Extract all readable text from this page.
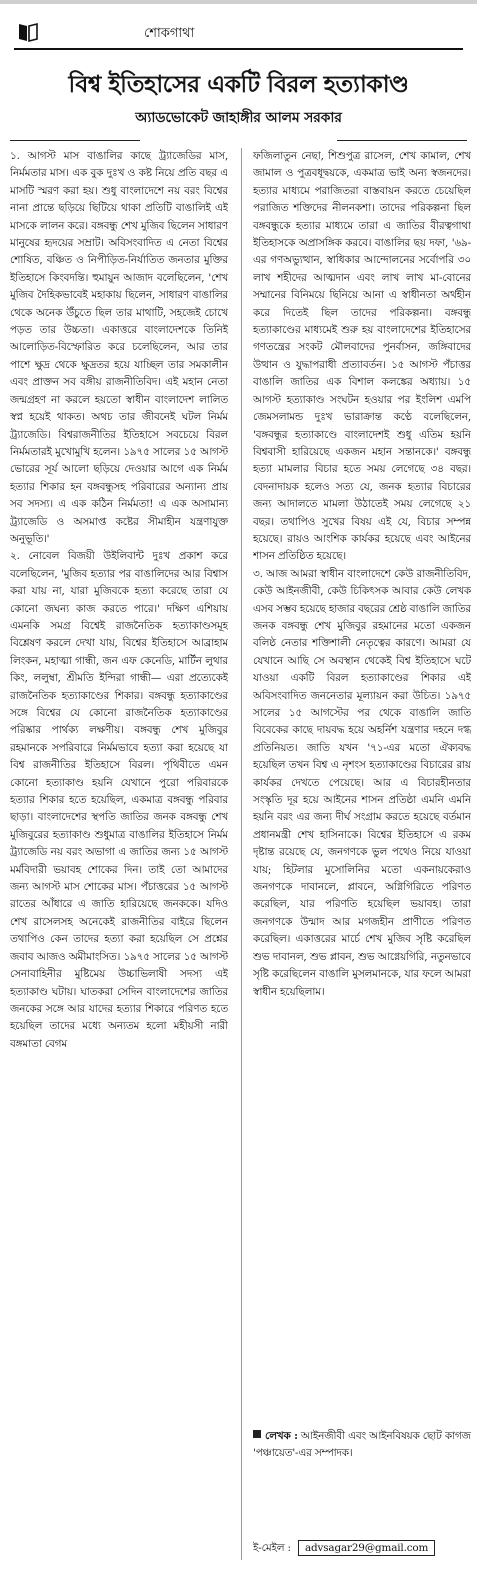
শোকগাথা
বিশ্ব ইতিহাসের একটি বিরল হত্যাকাণ্ড
অ্যাডভোকেট জাহাঙ্গীর আলম সরকার

১. আগস্ট মাস বাঙালির কাছে ট্র্যাজেডির মাস, নির্মমতার মাস। এক বুক দুঃখ ও কষ্ট নিয়ে প্রতি বছর এ মাসটি স্মরণ করা হয়। শুধু বাংলাদেশে নয় বরং বিশ্বের নানা প্রান্তে ছড়িয়ে ছিটিয়ে থাকা প্রতিটি বাঙালিই এই মাসকে লালন করে। বঙ্গবন্ধু শেখ মুজিব ছিলেন সাধারণ মানুষের হৃদয়ের সম্রাট। অবিসংবাদিত এ নেতা বিশ্বের শোষিত, বঞ্চিত ও নিপীড়িত-নির্যাতিত জনতার মুক্তির ইতিহাসে কিংবদন্তি। হুমায়ুন আজাদ বলেছিলেন, 'শেখ মুজিব দৈহিকভাবেই মহাকায় ছিলেন, সাধারণ বাঙালির থেকে অনেক উঁচুতে ছিল তার মাথাটি, সহজেই চোখে পড়ত তার উচ্চতা। একাত্তরে বাংলাদেশকে তিনিই আলোড়িত-বিস্ফোরিত করে চলেছিলেন, আর তার পাশে ক্ষুদ্র থেকে ক্ষুদ্রতর হয়ে যাচ্ছিল তার সমকালীন এবং প্রাক্তন সব বঙ্গীয় রাজনীতিবিদ। এই মহান নেতা জন্মগ্রহণ না করলে হয়তো স্বাধীন বাংলাদেশ লালিত স্বপ্ন হয়েই থাকত। অথচ তার জীবনেই ঘটল নির্মম ট্র্যাজেডি। বিশ্বরাজনীতির ইতিহাসে সবচেয়ে বিরল নির্মমতারই মুখোমুখি হলেন। ১৯৭৫ সালের ১৫ আগস্ট ভোরের সূর্য আলো ছড়িয়ে দেওয়ার আগে এক নির্মম হত্যার শিকার হন বঙ্গবন্ধুসহ পরিবারের অন্যান্য প্রায় সব সদস্য। এ এক কঠিন নির্মমতা! এ এক অসামান্য ট্র্যাজেডি ও অসমাপ্ত কষ্টের সীমাহীন যন্ত্রণাযুক্ত অনুভূতি।'

২. নোবেল বিজয়ী উইলিবান্ট দুঃখ প্রকাশ করে বলেছিলেন, 'মুজিব হত্যার পর বাঙালিদের আর বিশ্বাস করা যায় না, যারা মুজিবকে হত্যা করেছে তারা যে কোনো জঘন্য কাজ করতে পারে।' দক্ষিণ এশিয়ায় এমনকি সমগ্র বিশ্বেই রাজনৈতিক হত্যাকাণ্ডসমূহ বিশ্লেষণ করলে দেখা যায়, বিশ্বের ইতিহাসে আব্রাহাম লিংকন, মহাত্মা গান্ধী, জন এফ কেনেডি, মার্টিন লুথার কিং, ললুম্বা, শ্রীমতি ইন্দিরা গান্ধী— এরা প্রত্যেকেই রাজনৈতিক হত্যাকাণ্ডের শিকার। বঙ্গবন্ধু হত্যাকাণ্ডের সঙ্গে বিশ্বের যে কোনো রাজনৈতিক হত্যাকাণ্ডের পরিষ্কার পার্থক্য লক্ষণীয়। বঙ্গবন্ধু শেখ মুজিবুর রহমানকে সপরিবারে নির্মমভাবে হত্যা করা হয়েছে যা বিশ্ব রাজনীতির ইতিহাসে বিরল। পৃথিবীতে এমন কোনো হত্যাকাণ্ড হয়নি যেখানে পুরো পরিবারকে হত্যার শিকার হতে হয়েছিল, একমাত্র বঙ্গবন্ধু পরিবার ছাড়া। বাংলাদেশের স্থপতি জাতির জনক বঙ্গবন্ধু শেখ মুজিবুরের হত্যাকাণ্ড শুধুমাত্র বাঙালির ইতিহাসে নির্মম ট্র্যাজেডি নয় বরং অভাগা এ জাতির জন্য ১৫ আগস্ট মর্মবিদারী ভয়াবহ শোকের দিন। তাই তো আমাদের জন্য আগস্ট মাস শোকের মাস। পঁচাত্তরের ১৫ আগস্ট রাতের আঁধারে এ জাতি হারিয়েছে জনককে। যদিও শেখ রাসেলসহ অনেকেই রাজনীতির বাইরে ছিলেন তথাপিও কেন তাদের হত্যা করা হয়েছিল সে প্রশ্নের জবাব আজও অমীমাংসিত। ১৯৭৫ সালের ১৫ আগস্ট সেনাবাহিনীর মুষ্টিমেয় উচ্চাভিলাষী সদস্য এই হত্যাকাণ্ড ঘটায়। ঘাতকরা সেদিন বাংলাদেশের জাতির জনকের সঙ্গে আর যাদের হত্যার শিকারে পরিণত হতে হয়েছিল তাদের মধ্যে অন্যতম হলো মহীয়সী নারী বঙ্গমাতা বেগম

ফজিলাতুন নেছা, শিশুপুত্র রাসেল, শেখ কামাল, শেখ জামাল ও পুত্রবধূদ্বয়কে, একমাত্র ভাই অন্য স্বজনদের। হত্যার মাধ্যমে পরাজিতরা বাস্তবায়ন করতে চেয়েছিল পরাজিত শক্তিদের নীলনকশা। তাদের পরিকল্পনা ছিল বঙ্গবন্ধুকে হত্যার মাধ্যমে তারা এ জাতির বীরত্বগাথা ইতিহাসকে অপ্রাসঙ্গিক করবে। বাঙালির ছয় দফা, '৬৯-এর গণঅভ্যুত্থান, স্বাধিকার আন্দোলনের সর্বোপরি ৩০ লাখ শহীদের আত্মদান এবং লাখ লাখ মা-বোনের সম্মানের বিনিময়ে ছিনিয়ে আনা এ স্বাধীনতা অর্থহীন করে দিতেই ছিল তাদের পরিকল্পনা। বঙ্গবন্ধু হত্যাকাণ্ডের মাধ্যমেই শুরু হয় বাংলাদেশের ইতিহাসের গণতন্ত্রের সংকট মৌলবাদের পুনর্বাসন, জঙ্গিবাদের উত্থান ও যুদ্ধাপরাধী প্রত্যাবর্তন। ১৫ আগস্ট পঁচাত্তর বাঙালি জাতির এক বিশাল কলঙ্কের অধ্যায়। ১৫ আগস্ট হত্যাকাণ্ড সংঘটন হওয়ার পর ইংলিশ এমপি জেমসলামন্ড দুঃখ ভারাক্রান্ত কণ্ঠে বলেছিলেন, 'বঙ্গবন্ধুর হত্যাকাণ্ডে বাংলাদেশই শুধু এতিম হয়নি বিশ্ববাসী হারিয়েছে একজন মহান সন্তানকে।' বঙ্গবন্ধু হত্যা মামলার বিচার হতে সময় লেগেছে ৩৪ বছর। বেদনাদায়ক হলেও সত্য যে, জনক হত্যার বিচারের জন্য আদালতে মামলা উঠাতেই সময় লেগেছে ২১ বছর। তথাপিও সুখের বিষয় এই যে, বিচার সম্পন্ন হয়েছে। রায়ও আংশিক কার্যকর হয়েছে এবং আইনের শাসন প্রতিষ্ঠিত হয়েছে।

৩. আজ আমরা স্বাধীন বাংলাদেশে কেউ রাজনীতিবিদ, কেউ আইনজীবী, কেউ চিকিৎসক আবার কেউ লেখক এসব সম্ভব হয়েছে হাজার বছরের শ্রেষ্ঠ বাঙালি জাতির জনক বঙ্গবন্ধু শেখ মুজিবুর রহমানের মতো একজন বলিষ্ঠ নেতার শক্তিশালী নেতৃত্বের কারণে। আমরা যে যেখানে আছি সে অবস্থান থেকেই বিশ্ব ইতিহাসে ঘটে যাওয়া একটি বিরল হত্যাকাণ্ডের শিকার এই অবিসংবাদিত জননেতার মূল্যায়ন করা উচিত। ১৯৭৫ সালের ১৫ আগস্টের পর থেকে বাঙালি জাতি বিবেকের কাছে দায়বদ্ধ হয়ে অহর্নিশ যন্ত্রণার দহনে দগ্ধ প্রতিনিয়ত। জাতি যখন '৭১-এর মতো ঐক্যবদ্ধ হয়েছিল তখন বিশ্ব এ নৃশংস হত্যাকাণ্ডের বিচারের রায় কার্যকর দেখতে পেয়েছে। আর এ বিচারহীনতার সংস্কৃতি দূর হয়ে আইনের শাসন প্রতিষ্ঠা এমনি এমনি হয়নি বরং এর জন্য দীর্ঘ সংগ্রাম করতে হয়েছে বর্তমান প্রধানমন্ত্রী শেখ হাসিনাকে। বিশ্বের ইতিহাসে এ রকম দৃষ্টান্ত রয়েছে যে, জনগণকে ভুল পথেও নিয়ে যাওয়া যায়; হিটলার মুসোলিনির মতো একনায়কেরাও জনগণকে দাবানলে, প্লাবনে, অগ্নিগিরিতে পরিণত করেছিল, যার পরিণতি হয়েছিল ভয়াবহ। তারা জনগণকে উন্মাদ আর মগজহীন প্রাণীতে পরিণত করেছিল। একাত্তরের মার্চে শেখ মুজিব সৃষ্টি করেছিল শুভ দাবানল, শুভ প্লাবন, শুভ আগ্নেয়গিরি, নতুনভাবে সৃষ্টি করেছিলেন বাঙালি মুসলমানকে, যার ফলে আমরা স্বাধীন হয়েছিলাম।

লেখক : আইনজীবী এবং আইনবিষয়ক ছোট কাগজ 'পঞ্চায়েত'-এর সম্পাদক।
ই-মেইল : advsagar29@gmail.com
